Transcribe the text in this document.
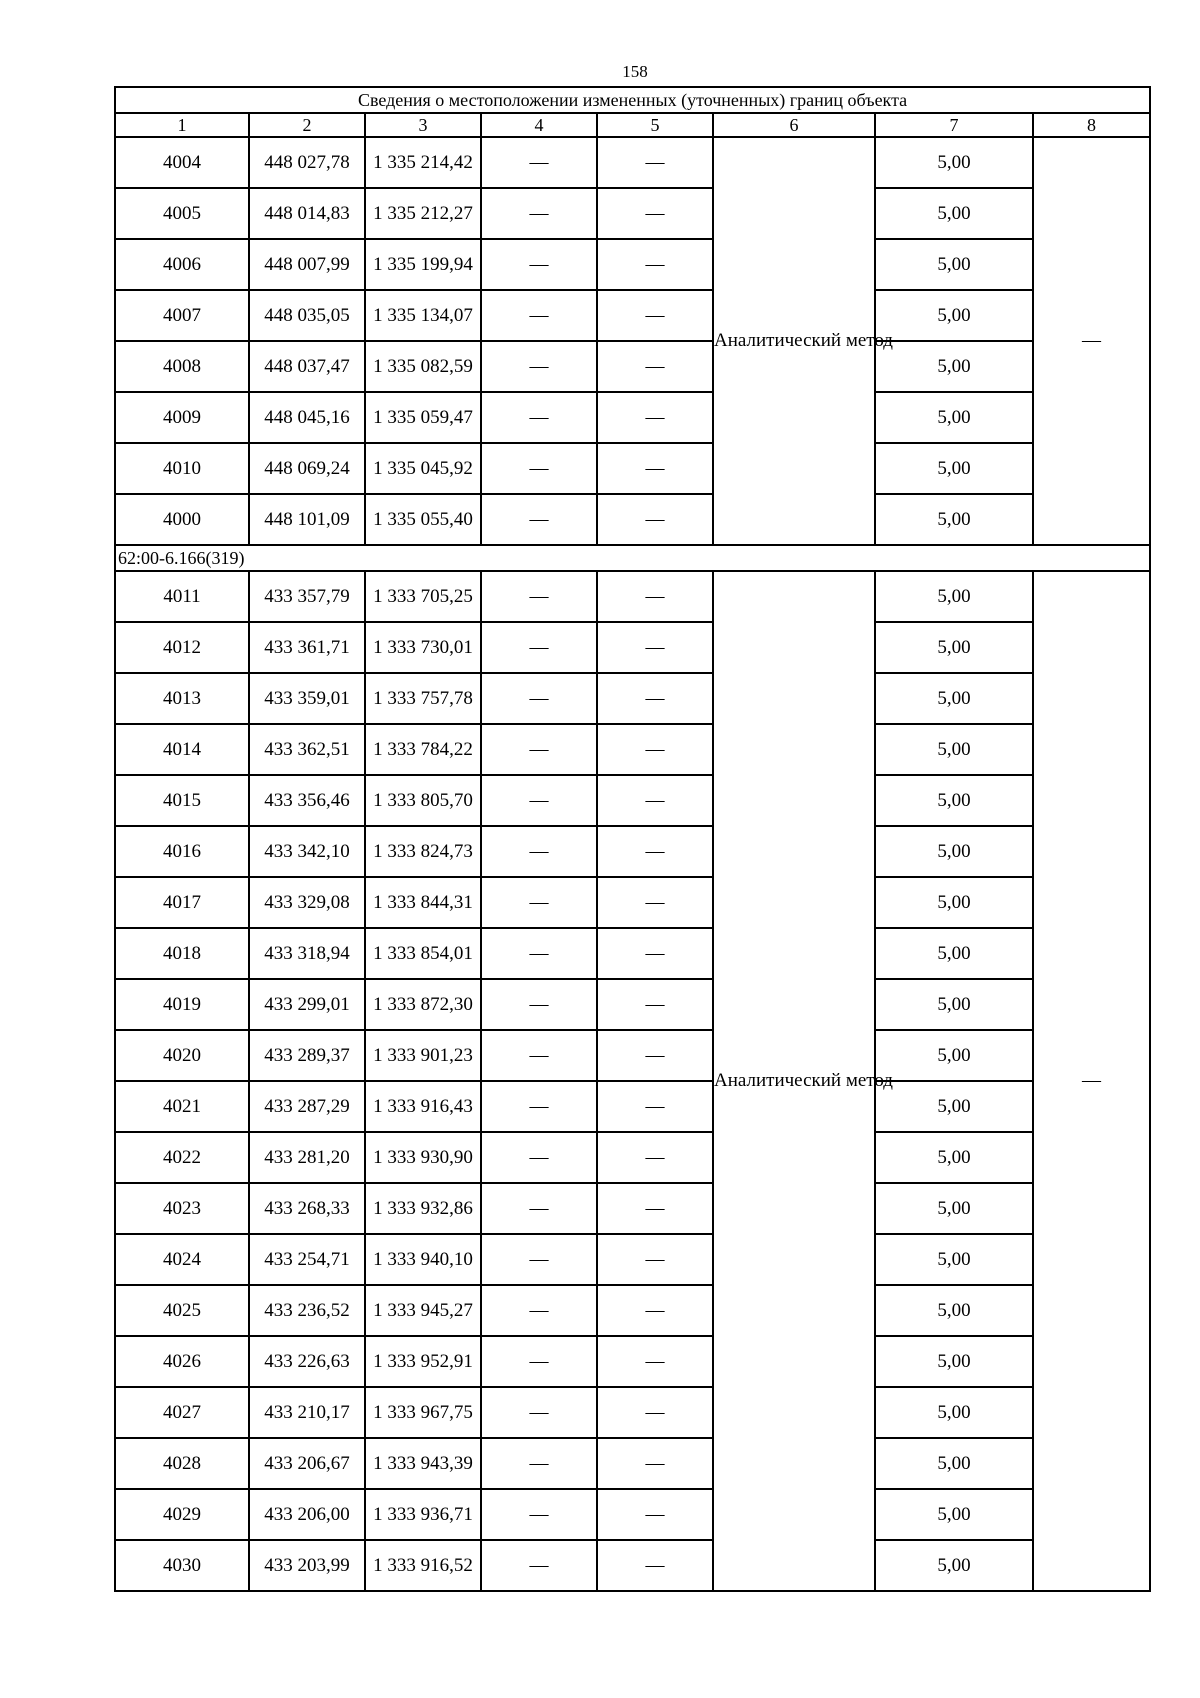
158
Сведения о местоположении измененных (уточненных) границ объекта							
1	2	3	4	5	6	7	8
4004	448 027,78	1 335 214,42	—	—	Аналитический метод	5,00	—
4005	448 014,83	1 335 212,27	—	—		5,00	
4006	448 007,99	1 335 199,94	—	—		5,00	
4007	448 035,05	1 335 134,07	—	—		5,00	
4008	448 037,47	1 335 082,59	—	—		5,00	
4009	448 045,16	1 335 059,47	—	—		5,00	
4010	448 069,24	1 335 045,92	—	—		5,00	
4000	448 101,09	1 335 055,40	—	—		5,00	
62:00-6.166(319)							
4011	433 357,79	1 333 705,25	—	—	Аналитический метод	5,00	—
4012	433 361,71	1 333 730,01	—	—		5,00	
4013	433 359,01	1 333 757,78	—	—		5,00	
4014	433 362,51	1 333 784,22	—	—		5,00	
4015	433 356,46	1 333 805,70	—	—		5,00	
4016	433 342,10	1 333 824,73	—	—		5,00	
4017	433 329,08	1 333 844,31	—	—		5,00	
4018	433 318,94	1 333 854,01	—	—		5,00	
4019	433 299,01	1 333 872,30	—	—		5,00	
4020	433 289,37	1 333 901,23	—	—		5,00	
4021	433 287,29	1 333 916,43	—	—		5,00	
4022	433 281,20	1 333 930,90	—	—		5,00	
4023	433 268,33	1 333 932,86	—	—		5,00	
4024	433 254,71	1 333 940,10	—	—		5,00	
4025	433 236,52	1 333 945,27	—	—		5,00	
4026	433 226,63	1 333 952,91	—	—		5,00	
4027	433 210,17	1 333 967,75	—	—		5,00	
4028	433 206,67	1 333 943,39	—	—		5,00	
4029	433 206,00	1 333 936,71	—	—		5,00	
4030	433 203,99	1 333 916,52	—	—		5,00	
